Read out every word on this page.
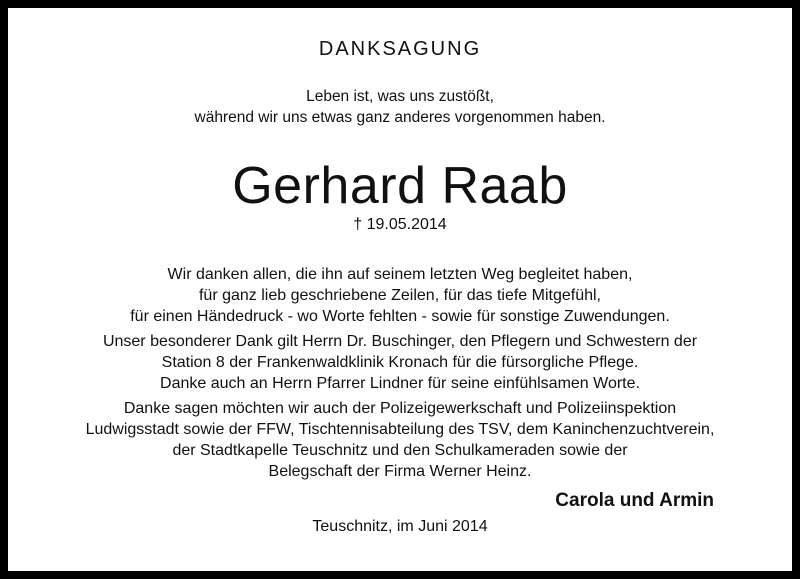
DANKSAGUNG
Leben ist, was uns zustößt,
während wir uns etwas ganz anderes vorgenommen haben.
Gerhard Raab
† 19.05.2014
Wir danken allen, die ihn auf seinem letzten Weg begleitet haben,
für ganz lieb geschriebene Zeilen, für das tiefe Mitgefühl,
für einen Händedruck - wo Worte fehlten - sowie für sonstige Zuwendungen.
Unser besonderer Dank gilt Herrn Dr. Buschinger, den Pflegern und Schwestern der
Station 8 der Frankenwaldklinik Kronach für die fürsorgliche Pflege.
Danke auch an Herrn Pfarrer Lindner für seine einfühlsamen Worte.
Danke sagen möchten wir auch der Polizeigewerkschaft und Polizeiinspektion
Ludwigsstadt sowie der FFW, Tischtennisabteilung des TSV, dem Kaninchenzuchtverein,
der Stadtkapelle Teuschnitz und den Schulkameraden sowie der
Belegschaft der Firma Werner Heinz.
Carola und Armin
Teuschnitz, im Juni 2014
